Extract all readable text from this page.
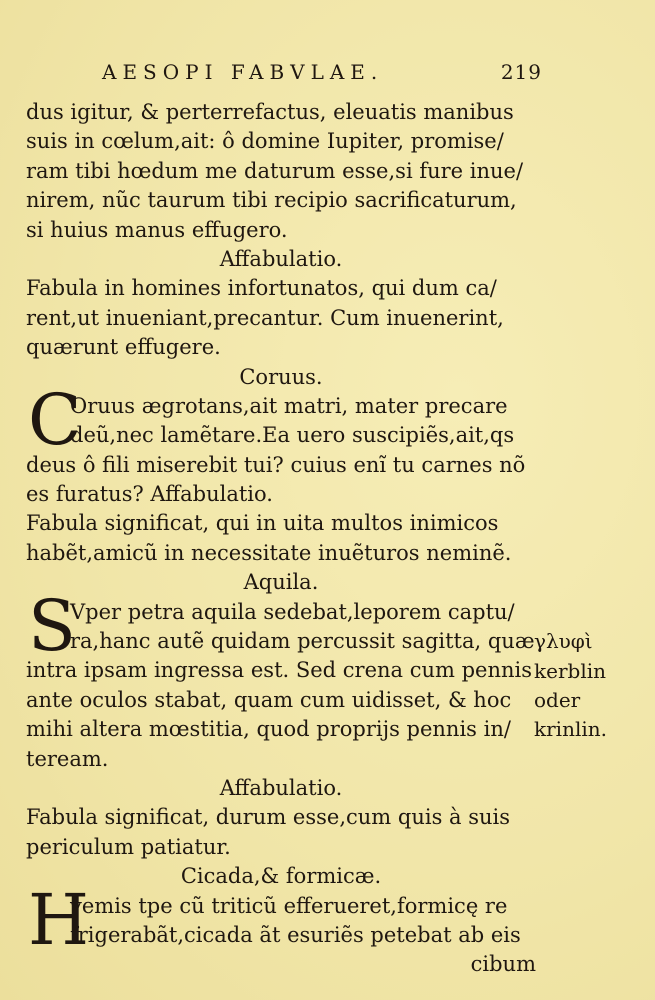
AESOPI FABVLAE.	219
dus igitur, & perterrefactus, eleuatis manibus
suis in cœlum,ait: ô domine Iupiter, promise/
ram tibi hœdum me daturum esse,si fure inue/
nirem, nũc taurum tibi recipio sacrificaturum,
si huius manus effugero.
Affabulatio.
Fabula in homines infortunatos, qui dum ca/
rent,ut inueniant,precantur. Cum inuenerint,
quærunt effugere.
Coruus.
Oruus ægrotans,ait matri, mater precare
deũ,nec lamẽtare.Ea uero suscipiẽs,ait,qs
deus ô fili miserebit tui? cuius enĩ tu carnes nõ
es furatus? Affabulatio.
Fabula significat, qui in uita multos inimicos
habẽt,amicũ in necessitate inuẽturos neminẽ.
Aquila.
Vper petra aquila sedebat,leporem captu/
ra,hanc autẽ quidam percussit sagitta, quæ
intra ipsam ingressa est. Sed crena cum pennis
ante oculos stabat, quam cum uidisset, & hoc
mihi altera mœstitia, quod proprijs pennis in/
teream.
Affabulatio.
Fabula significat, durum esse,cum quis à suis
periculum patiatur.
Cicada,& formicæ.
yemis tpe cũ triticũ efferueret,formicę re
frigerabãt,cicada ãt esuriẽs petebat ab eis
cibum
γλυφὶ
kerblin
oder
krinlin.
C
S
H
